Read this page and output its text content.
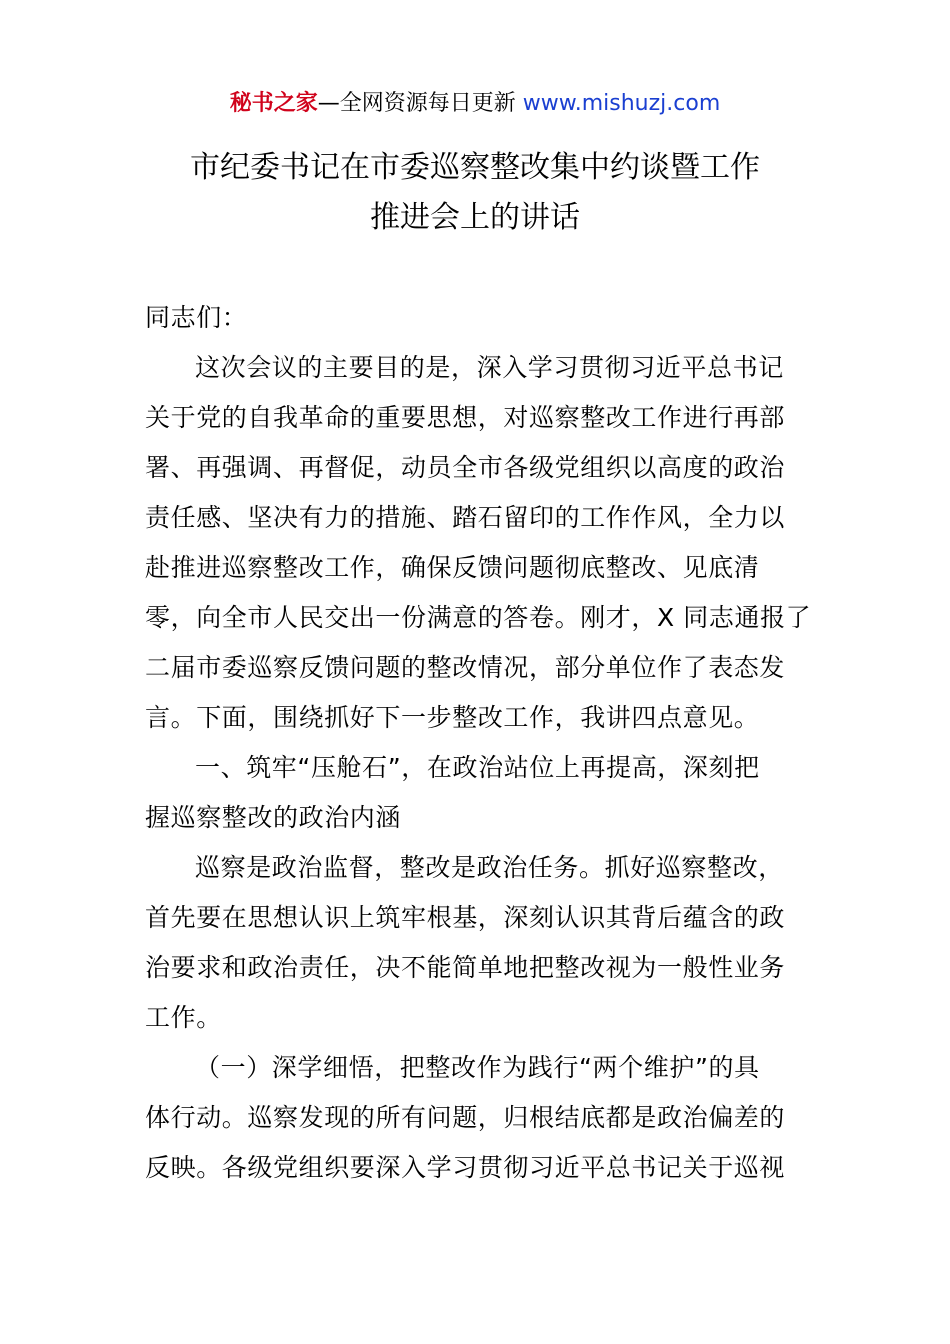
秘书之家—全网资源每日更新 www.mishuzj.com
市纪委书记在市委巡察整改集中约谈暨工作
推进会上的讲话
同志们：
这次会议的主要目的是，深入学习贯彻习近平总书记
关于党的自我革命的重要思想，对巡察整改工作进行再部
署、再强调、再督促，动员全市各级党组织以高度的政治
责任感、坚决有力的措施、踏石留印的工作作风，全力以
赴推进巡察整改工作，确保反馈问题彻底整改、见底清
零，向全市人民交出一份满意的答卷。刚才，X 同志通报了
二届市委巡察反馈问题的整改情况，部分单位作了表态发
言。下面，围绕抓好下一步整改工作，我讲四点意见。
一、筑牢“压舱石”，在政治站位上再提高，深刻把
握巡察整改的政治内涵
巡察是政治监督，整改是政治任务。抓好巡察整改，
首先要在思想认识上筑牢根基，深刻认识其背后蕴含的政
治要求和政治责任，决不能简单地把整改视为一般性业务
工作。
（一）深学细悟，把整改作为践行“两个维护”的具
体行动。巡察发现的所有问题，归根结底都是政治偏差的
反映。各级党组织要深入学习贯彻习近平总书记关于巡视
